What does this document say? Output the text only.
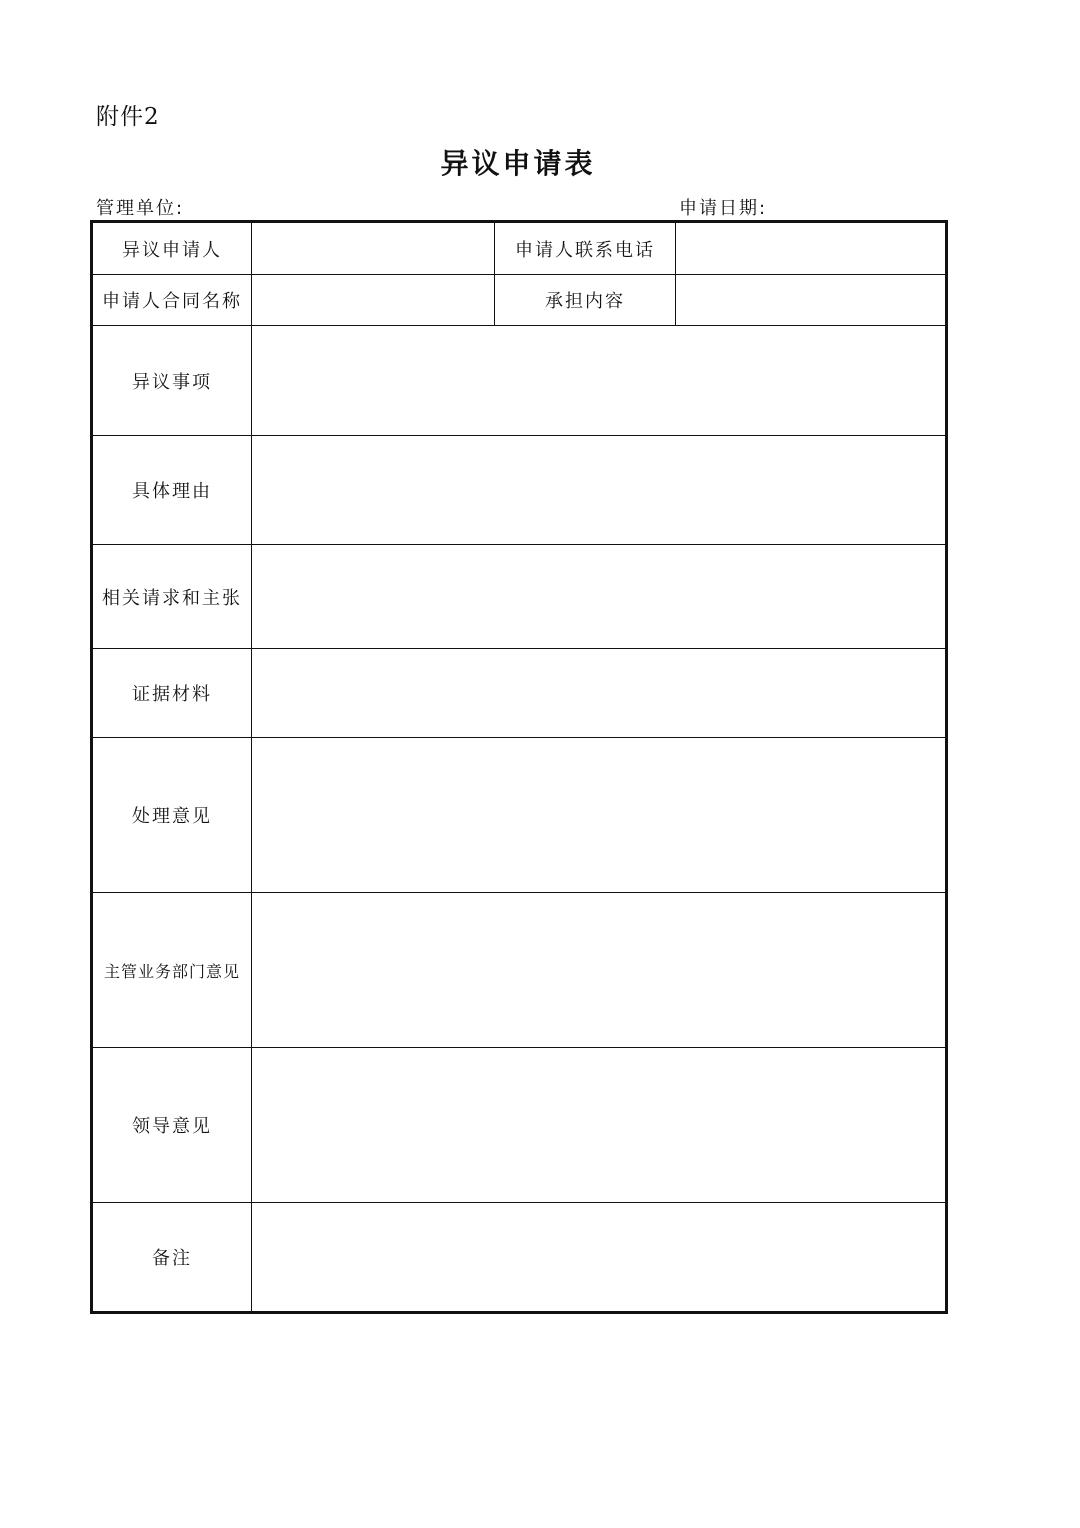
附件2
异议申请表
管理单位:	申请日期:
异议申请人		申请人联系电话	
申请人合同名称		承担内容	
异议事项			
具体理由			
相关请求和主张			
证据材料			
处理意见			
主管业务部门意见			
领导意见			
备注			
